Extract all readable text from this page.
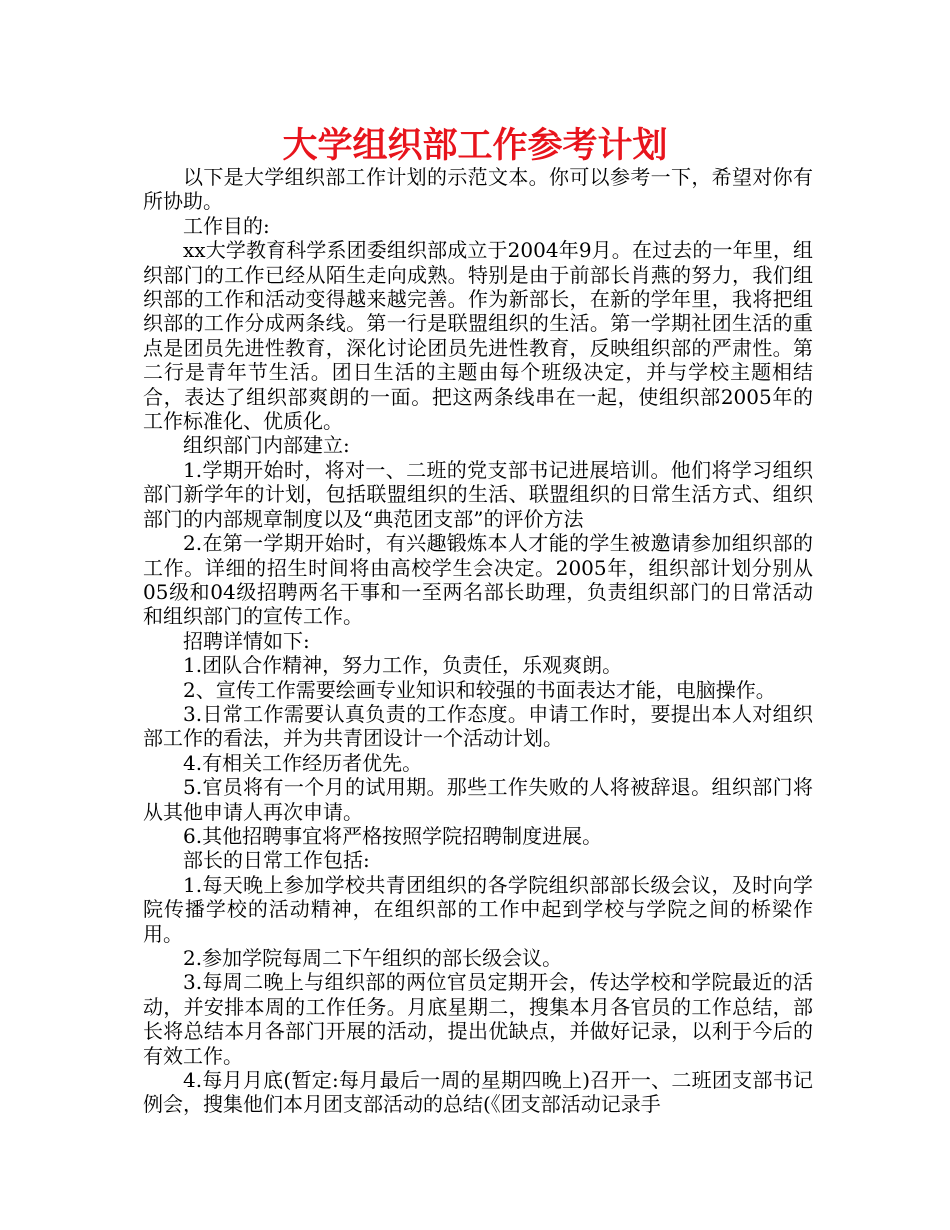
大学组织部工作参考计划

以下是大学组织部工作计划的示范文本。你可以参考一下，希望对你有所协助。

工作目的:

xx大学教育科学系团委组织部成立于2004年9月。在过去的一年里，组织部门的工作已经从陌生走向成熟。特别是由于前部长肖燕的努力，我们组织部的工作和活动变得越来越完善。作为新部长，在新的学年里，我将把组织部的工作分成两条线。第一行是联盟组织的生活。第一学期社团生活的重点是团员先进性教育，深化讨论团员先进性教育，反映组织部的严肃性。第二行是青年节生活。团日生活的主题由每个班级决定，并与学校主题相结合，表达了组织部爽朗的一面。把这两条线串在一起，使组织部2005年的工作标准化、优质化。

组织部门内部建立:

1.学期开始时，将对一、二班的党支部书记进展培训。他们将学习组织部门新学年的计划，包括联盟组织的生活、联盟组织的日常生活方式、组织部门的内部规章制度以及“典范团支部”的评价方法

2.在第一学期开始时，有兴趣锻炼本人才能的学生被邀请参加组织部的工作。详细的招生时间将由高校学生会决定。2005年，组织部计划分别从05级和04级招聘两名干事和一至两名部长助理，负责组织部门的日常活动和组织部门的宣传工作。

招聘详情如下:

1.团队合作精神，努力工作，负责任，乐观爽朗。

2、宣传工作需要绘画专业知识和较强的书面表达才能，电脑操作。

3.日常工作需要认真负责的工作态度。申请工作时，要提出本人对组织部工作的看法，并为共青团设计一个活动计划。

4.有相关工作经历者优先。

5.官员将有一个月的试用期。那些工作失败的人将被辞退。组织部门将从其他申请人再次申请。

6.其他招聘事宜将严格按照学院招聘制度进展。

部长的日常工作包括:

1.每天晚上参加学校共青团组织的各学院组织部部长级会议，及时向学院传播学校的活动精神，在组织部的工作中起到学校与学院之间的桥梁作用。

2.参加学院每周二下午组织的部长级会议。

3.每周二晚上与组织部的两位官员定期开会，传达学校和学院最近的活动，并安排本周的工作任务。月底星期二，搜集本月各官员的工作总结，部长将总结本月各部门开展的活动，提出优缺点，并做好记录，以利于今后的有效工作。

4.每月月底(暂定:每月最后一周的星期四晚上)召开一、二班团支部书记例会，搜集他们本月团支部活动的总结(《团支部活动记录手
